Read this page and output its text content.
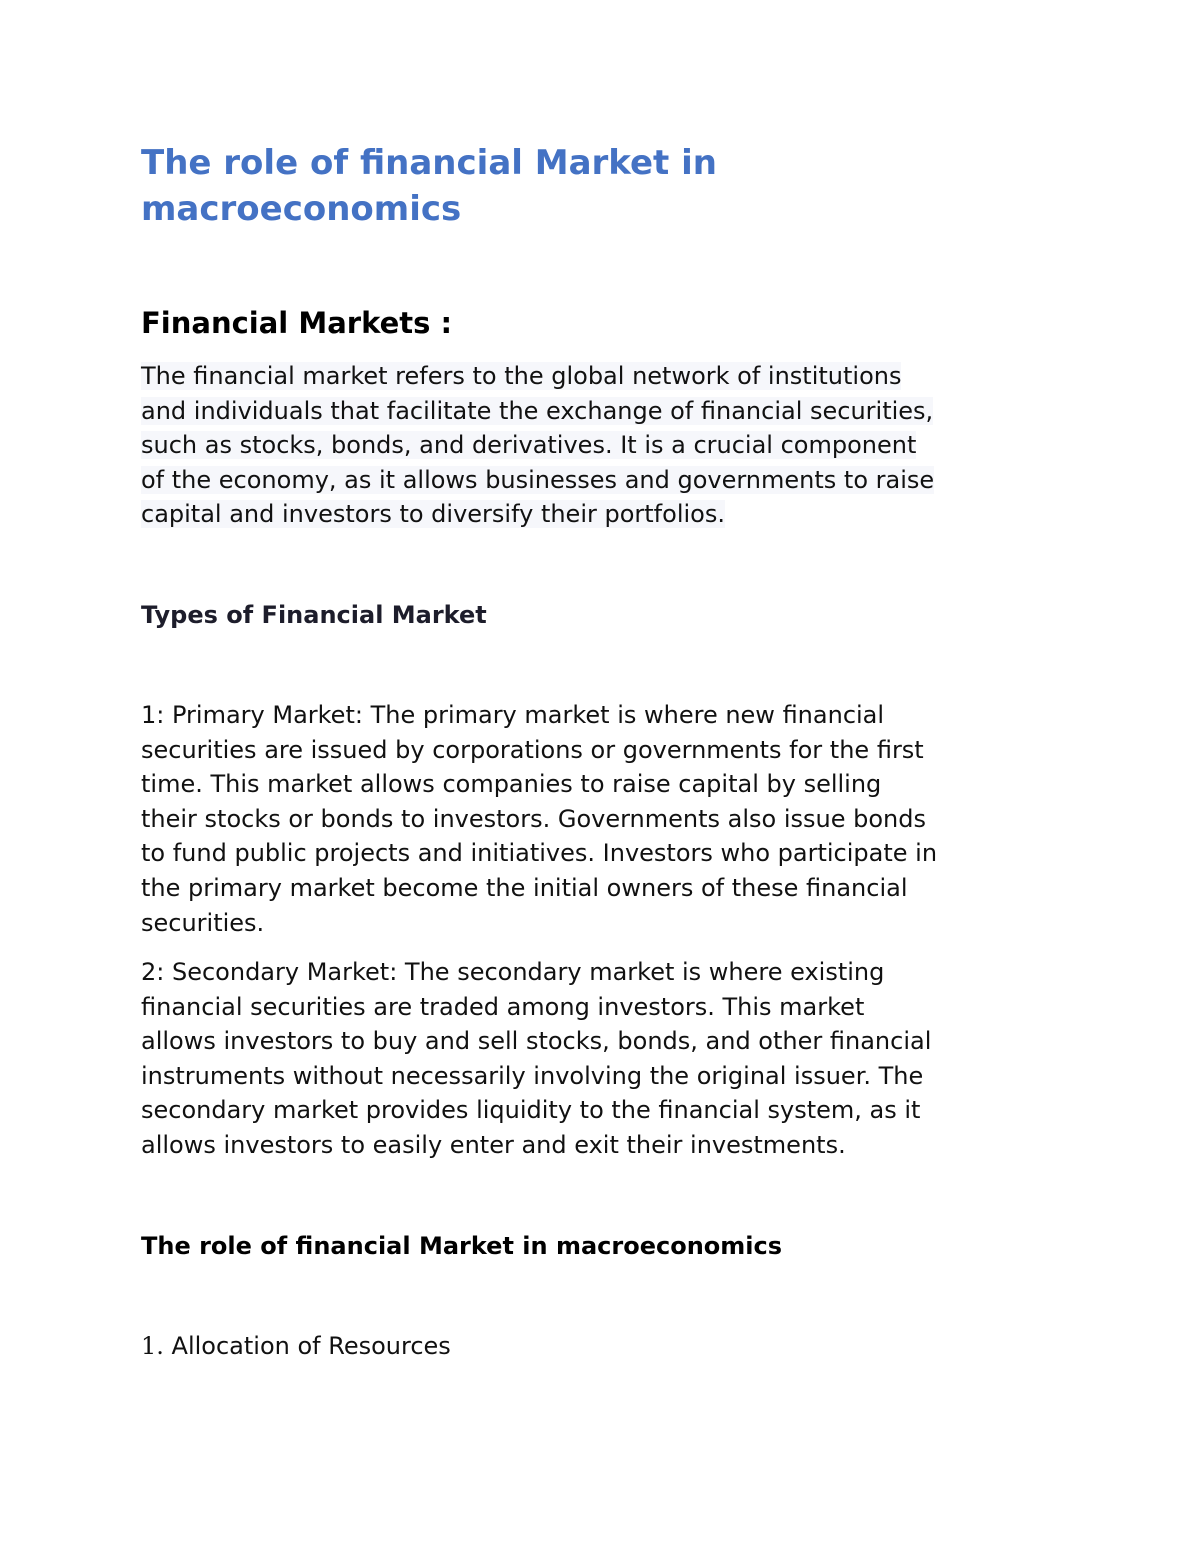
The role of financial Market in
macroeconomics
Financial Markets :

The financial market refers to the global network of institutions
and individuals that facilitate the exchange of financial securities,
such as stocks, bonds, and derivatives. It is a crucial component
of the economy, as it allows businesses and governments to raise
capital and investors to diversify their portfolios.

Types of Financial Market

1: Primary Market: The primary market is where new financial
securities are issued by corporations or governments for the first
time. This market allows companies to raise capital by selling
their stocks or bonds to investors. Governments also issue bonds
to fund public projects and initiatives. Investors who participate in
the primary market become the initial owners of these financial
securities.

2: Secondary Market: The secondary market is where existing
financial securities are traded among investors. This market
allows investors to buy and sell stocks, bonds, and other financial
instruments without necessarily involving the original issuer. The
secondary market provides liquidity to the financial system, as it
allows investors to easily enter and exit their investments.

The role of financial Market in macroeconomics

1. Allocation of Resources
